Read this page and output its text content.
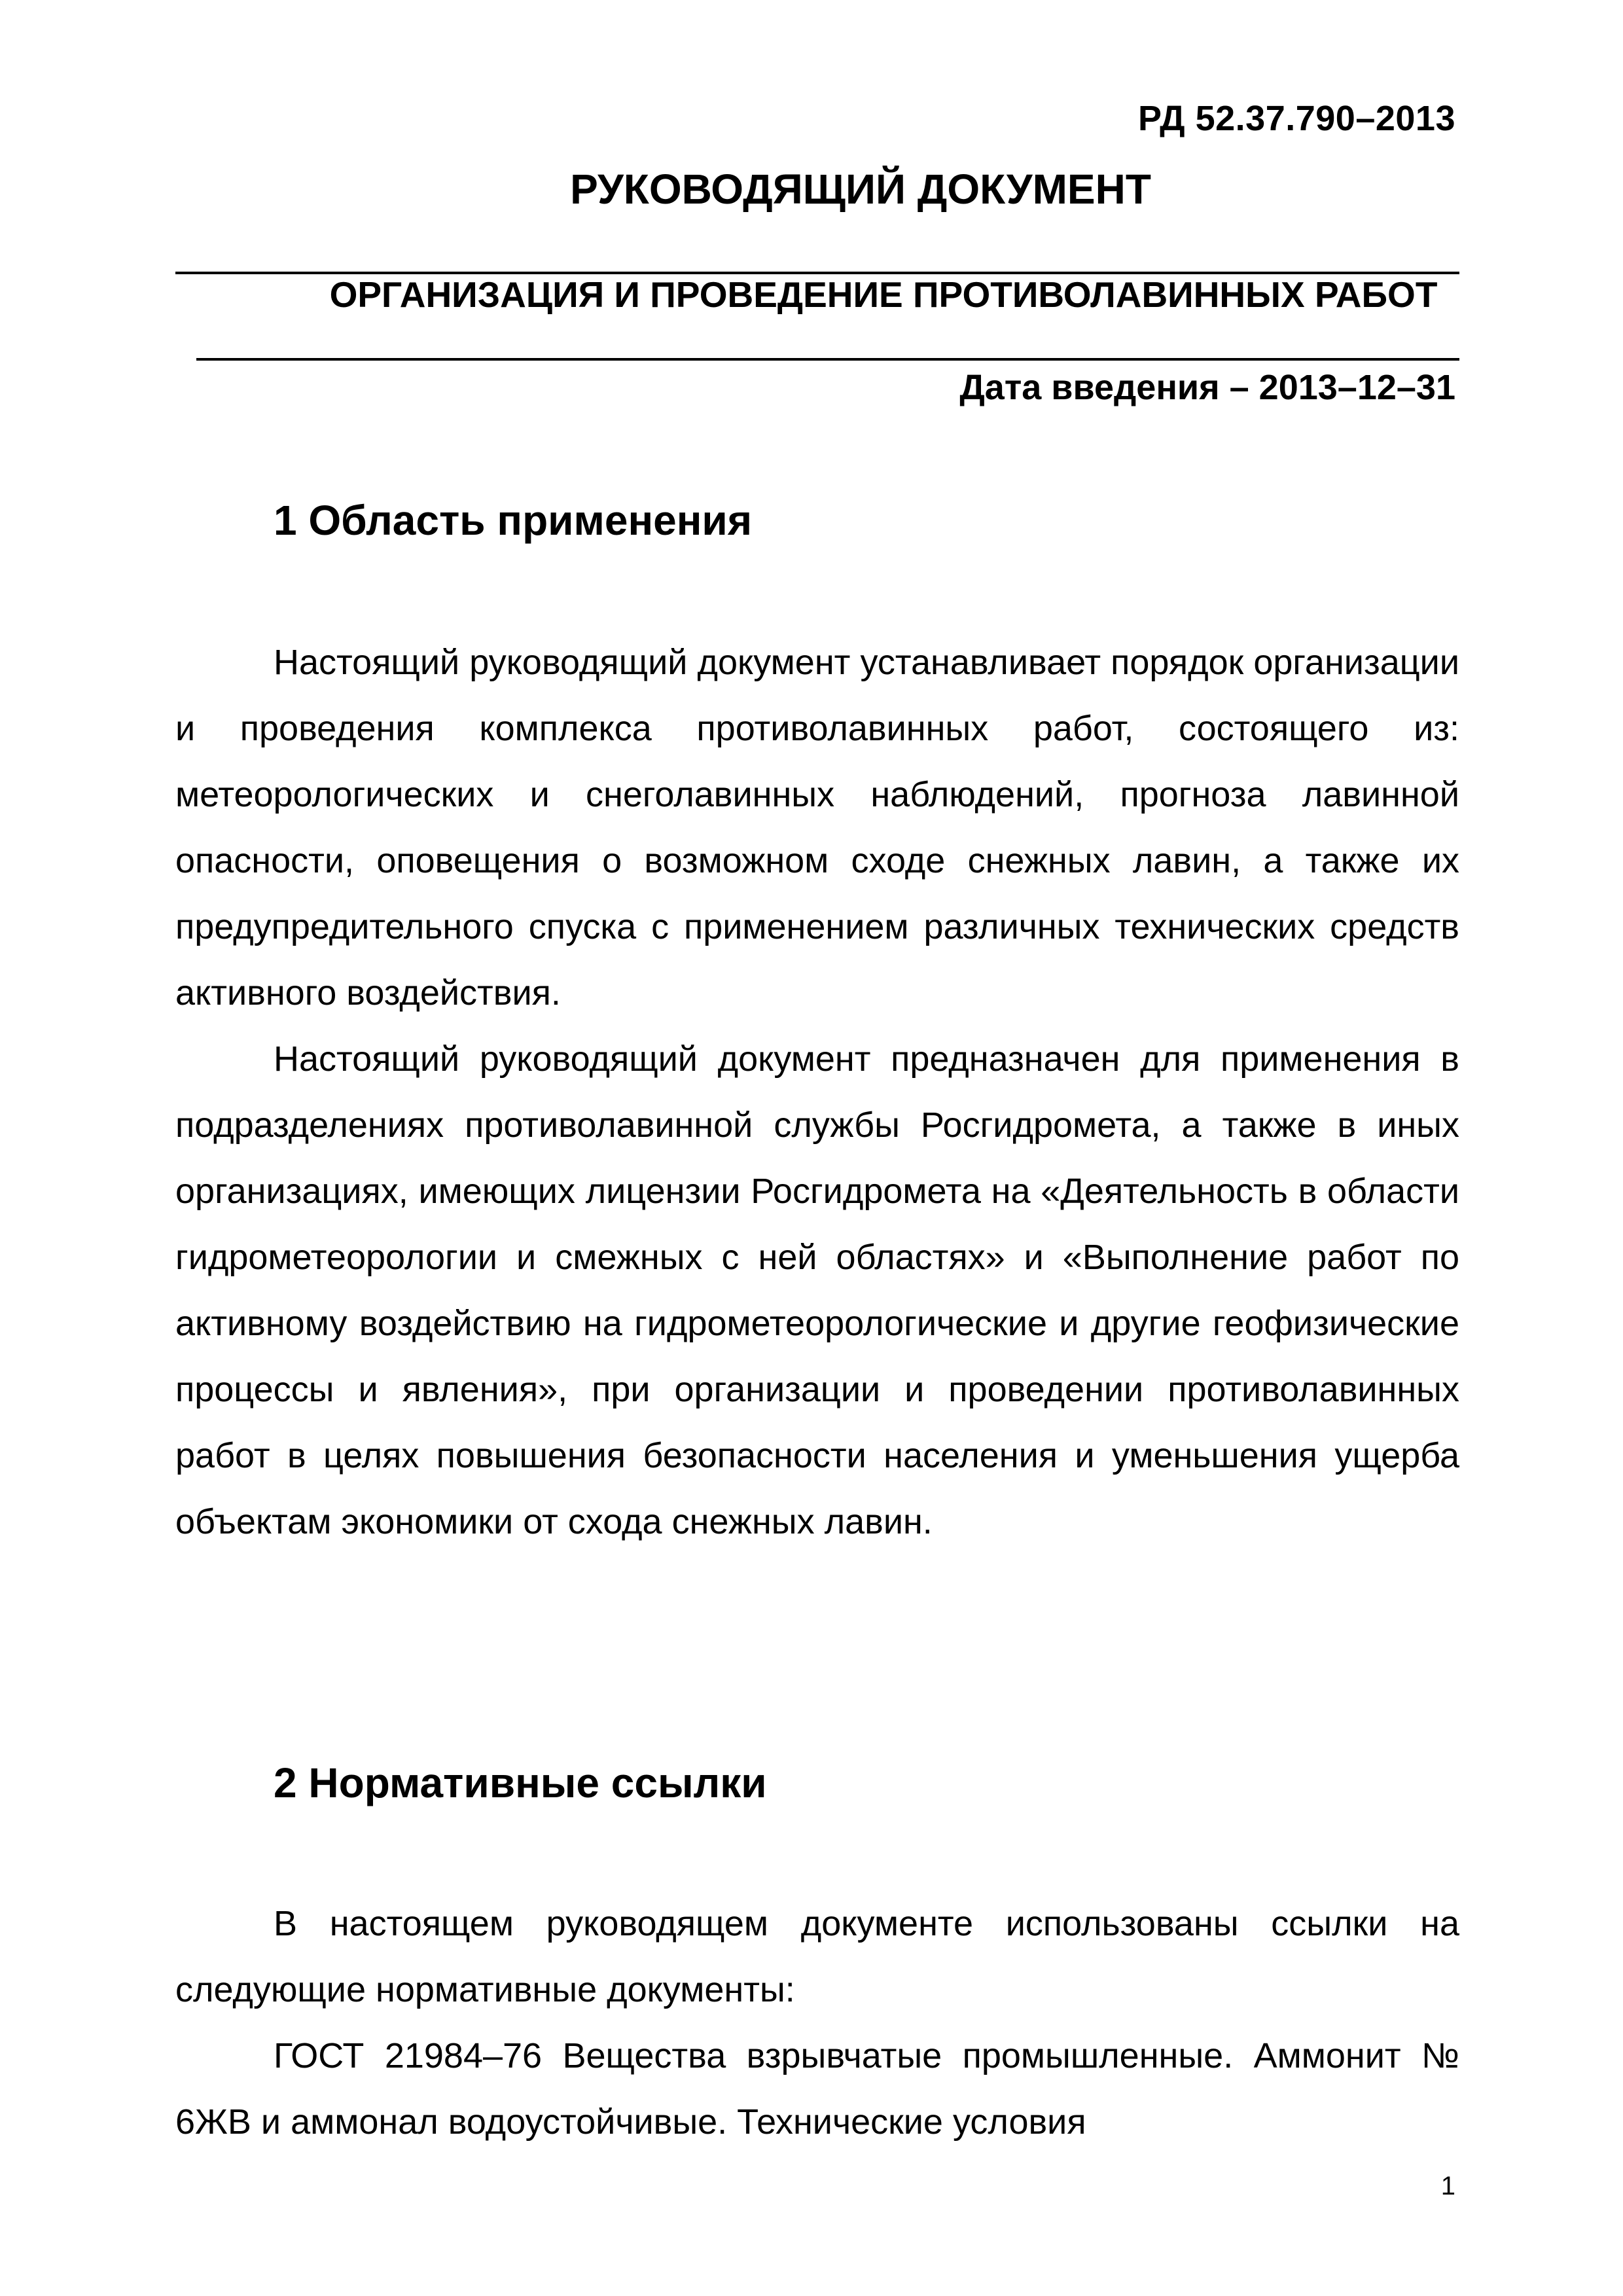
РД 52.37.790–2013
РУКОВОДЯЩИЙ ДОКУМЕНТ
ОРГАНИЗАЦИЯ И ПРОВЕДЕНИЕ ПРОТИВОЛАВИННЫХ РАБОТ
Дата введения – 2013–12–31
1 Область применения

Настоящий руководящий документ устанавливает порядок организации и проведения комплекса противолавинных работ, состоящего из: метеорологических и снеголавинных наблюдений, прогноза лавинной опасности, оповещения о возможном сходе снежных лавин, а также их предупредительного спуска с применением различных технических средств активного воздействия.

Настоящий руководящий документ предназначен для применения в подразделениях противолавинной службы Росгидромета, а также в иных организациях, имеющих лицензии Росгидромета на «Деятельность в области гидрометеорологии и смежных с ней областях» и «Выполнение работ по активному воздействию на гидрометеорологические и другие геофизические процессы и явления», при организации и проведении противолавинных работ в целях повышения безопасности населения и уменьшения ущерба объектам экономики от схода снежных лавин.

2 Нормативные ссылки

В настоящем руководящем документе использованы ссылки на следующие нормативные документы:

ГОСТ 21984–76 Вещества взрывчатые промышленные. Аммонит № 6ЖВ и аммонал водоустойчивые. Технические условия

1
